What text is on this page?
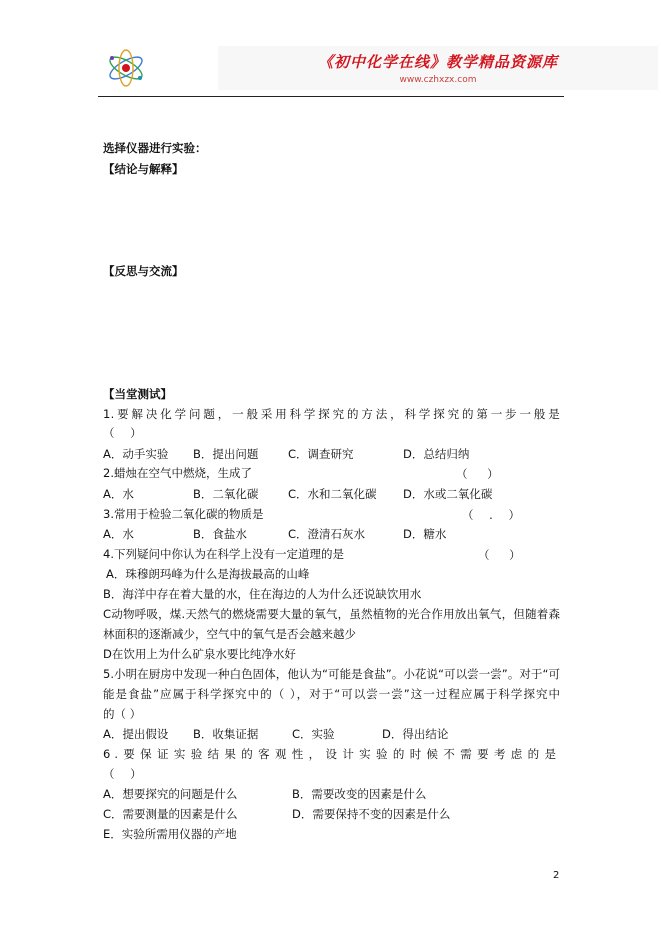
《初中化学在线》教学精品资源库
www.czhxzx.com
选择仪器进行实验：
【结论与解释】
【反思与交流】
【当堂测试】
1.要解决化学问题，一般采用科学探究的方法，科学探究的第一步一般是
（ ）
A．动手实验 B．提出问题	C．调查研究	D．总结归纳
2.蜡烛在空气中燃烧，生成了	（ ）
A．水	B．二氧化碳	C．水和二氧化碳 D．水或二氧化碳
3.常用于检验二氧化碳的物质是	（ . ）
A．水	B．食盐水	C．澄清石灰水	D．糖水
4.下列疑问中你认为在科学上没有一定道理的是	（ ）
A．珠穆朗玛峰为什么是海拔最高的山峰
B．海洋中存在着大量的水，住在海边的人为什么还说缺饮用水
C动物呼吸，煤.天然气的燃烧需要大量的氧气，虽然植物的光合作用放出氧气，但随着森
林面积的逐渐减少，空气中的氧气是否会越来越少
D在饮用上为什么矿泉水要比纯净水好
5.小明在厨房中发现一种白色固体，他认为“可能是食盐”。小花说“可以尝一尝”。对于“可
能是食盐”应属于科学探究中的（ ），对于“可以尝一尝”这一过程应属于科学探究中
的（ ）
A．提出假设 B．收集证据	C．实验	D．得出结论
6.要保证实验结果的客观性，设计实验的时候不需要考虑的是
（ ）
A．想要探究的问题是什么	B．需要改变的因素是什么
C．需要测量的因素是什么	D．需要保持不变的因素是什么
E．实验所需用仪器的产地
2
